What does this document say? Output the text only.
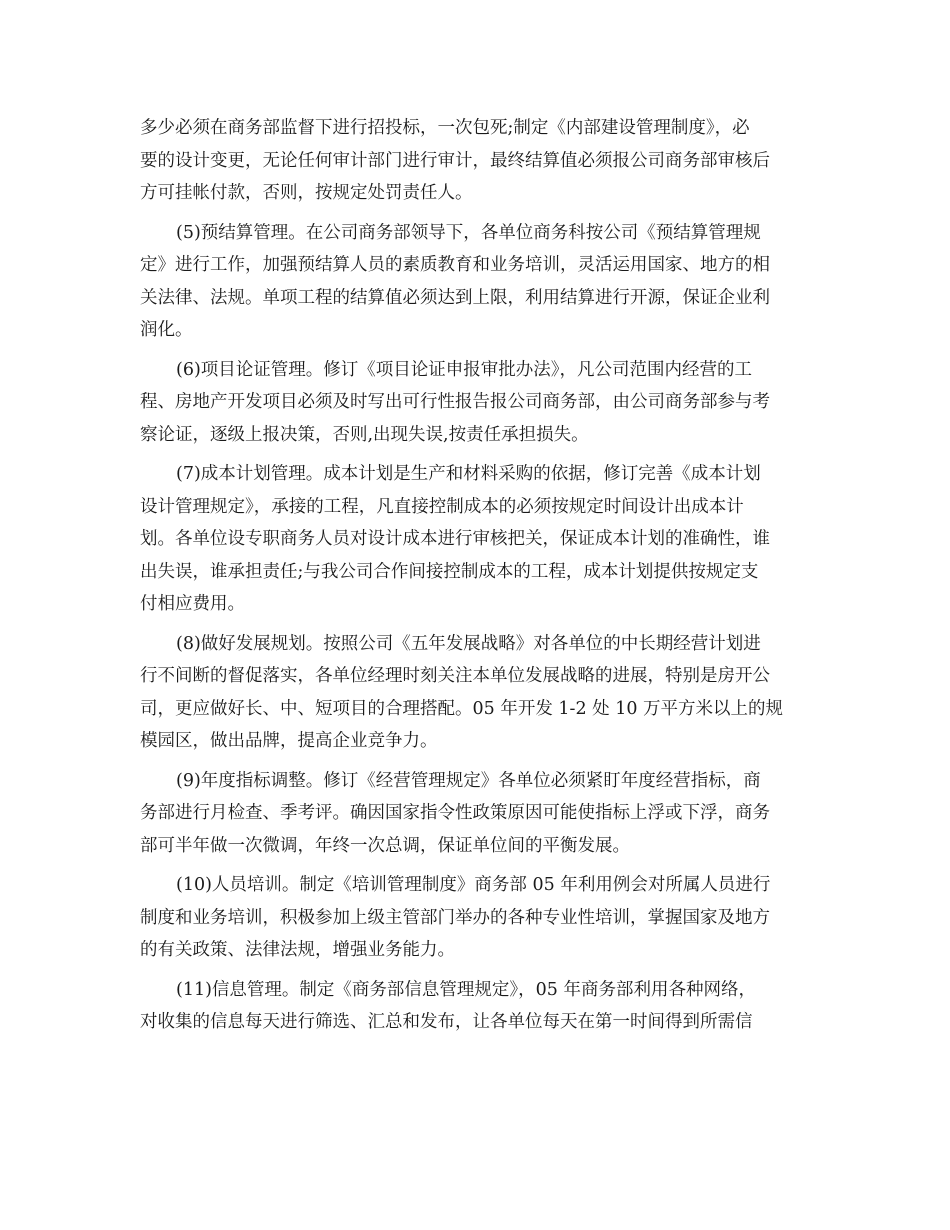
多少必须在商务部监督下进行招投标，一次包死;制定《内部建设管理制度》，必
要的设计变更，无论任何审计部门进行审计，最终结算值必须报公司商务部审核后
方可挂帐付款，否则，按规定处罚责任人。
(5)预结算管理。在公司商务部领导下，各单位商务科按公司《预结算管理规
定》进行工作，加强预结算人员的素质教育和业务培训，灵活运用国家、地方的相
关法律、法规。单项工程的结算值必须达到上限，利用结算进行开源，保证企业利
润化。
(6)项目论证管理。修订《项目论证申报审批办法》，凡公司范围内经营的工
程、房地产开发项目必须及时写出可行性报告报公司商务部，由公司商务部参与考
察论证，逐级上报决策，否则,出现失误,按责任承担损失。
(7)成本计划管理。成本计划是生产和材料采购的依据，修订完善《成本计划
设计管理规定》，承接的工程，凡直接控制成本的必须按规定时间设计出成本计
划。各单位设专职商务人员对设计成本进行审核把关，保证成本计划的准确性，谁
出失误，谁承担责任;与我公司合作间接控制成本的工程，成本计划提供按规定支
付相应费用。
(8)做好发展规划。按照公司《五年发展战略》对各单位的中长期经营计划进
行不间断的督促落实，各单位经理时刻关注本单位发展战略的进展，特别是房开公
司，更应做好长、中、短项目的合理搭配。05 年开发 1-2 处 10 万平方米以上的规
模园区，做出品牌，提高企业竞争力。
(9)年度指标调整。修订《经营管理规定》各单位必须紧盯年度经营指标，商
务部进行月检查、季考评。确因国家指令性政策原因可能使指标上浮或下浮，商务
部可半年做一次微调，年终一次总调，保证单位间的平衡发展。
(10)人员培训。制定《培训管理制度》商务部 05 年利用例会对所属人员进行
制度和业务培训，积极参加上级主管部门举办的各种专业性培训，掌握国家及地方
的有关政策、法律法规，增强业务能力。
(11)信息管理。制定《商务部信息管理规定》，05 年商务部利用各种网络，
对收集的信息每天进行筛选、汇总和发布，让各单位每天在第一时间得到所需信
